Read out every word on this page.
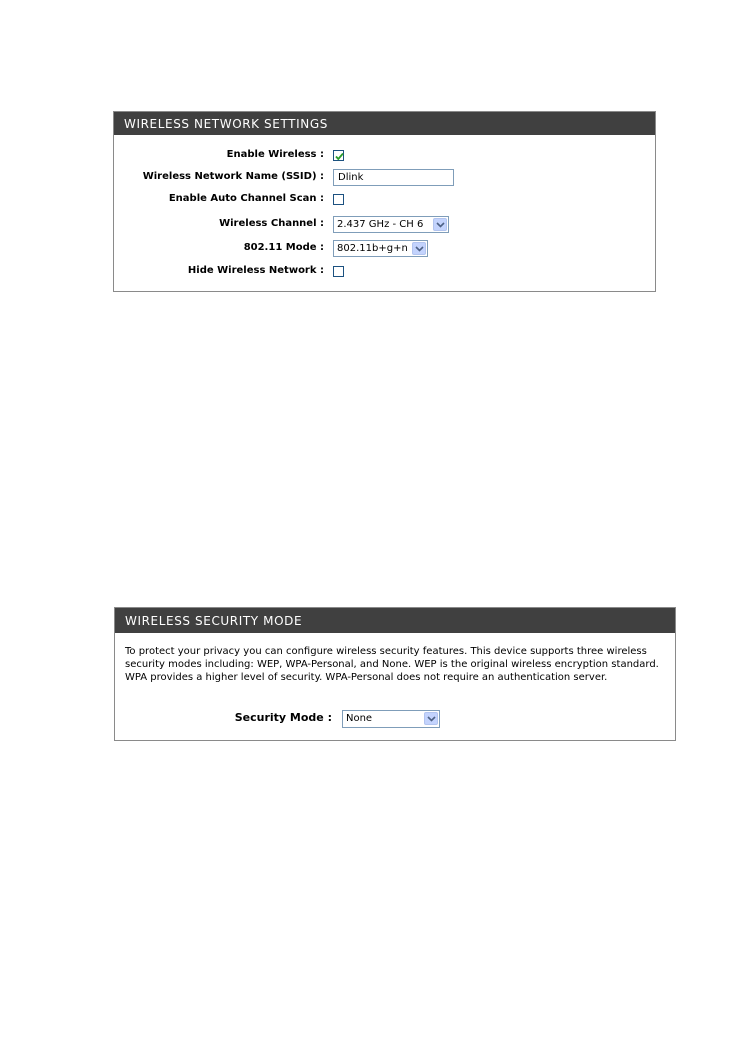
WIRELESS NETWORK SETTINGS
Enable Wireless :
Wireless Network Name (SSID) :	Dlink
Enable Auto Channel Scan :
Wireless Channel : 2.437 GHz - CH 6
802.11 Mode : 802.11b+g+n
Hide Wireless Network :
WIRELESS SECURITY MODE
To protect your privacy you can configure wireless security features. This device supports three wireless security modes including: WEP, WPA-Personal, and None. WEP is the original wireless encryption standard. WPA provides a higher level of security. WPA-Personal does not require an authentication server.
Security Mode : None
